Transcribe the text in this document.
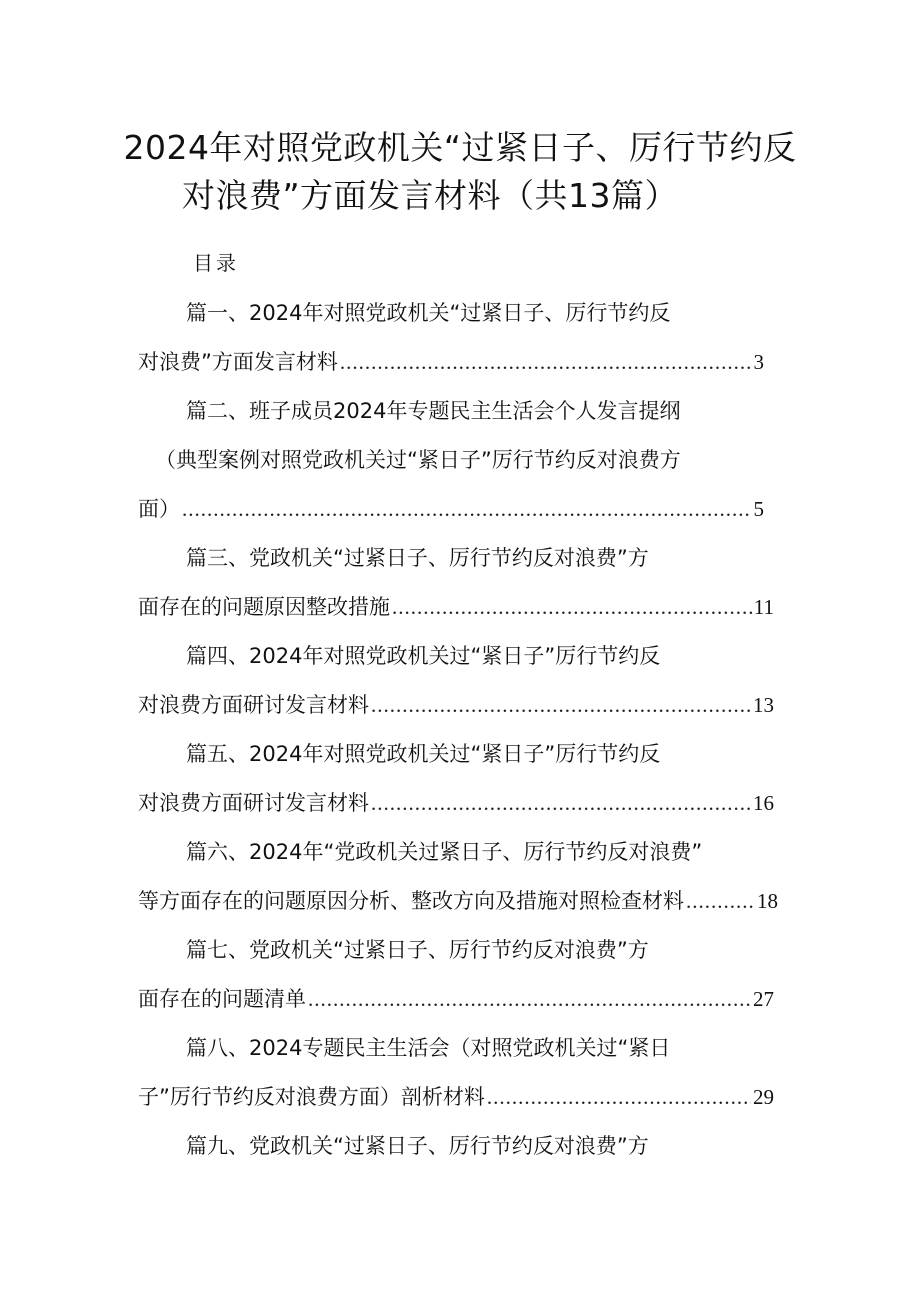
2024年对照党政机关“过紧日子、厉行节约反
对浪费”方面发言材料（共13篇）
目录
篇一、2024年对照党政机关“过紧日子、厉行节约反
对浪费”方面发言材料 .....	3
篇二、班子成员2024年专题民主生活会个人发言提纲
（典型案例对照党政机关过“紧日子”厉行节约反对浪费方
面） .....	5
篇三、党政机关“过紧日子、厉行节约反对浪费”方
面存在的问题原因整改措施 .....	11
篇四、2024年对照党政机关过“紧日子”厉行节约反
对浪费方面研讨发言材料 .....	13
篇五、2024年对照党政机关过“紧日子”厉行节约反
对浪费方面研讨发言材料 .....	16
篇六、2024年“党政机关过紧日子、厉行节约反对浪费”
等方面存在的问题原因分析、整改方向及措施对照检查材料 .....	18
篇七、党政机关“过紧日子、厉行节约反对浪费”方
面存在的问题清单 .....	27
篇八、2024专题民主生活会（对照党政机关过“紧日
子”厉行节约反对浪费方面）剖析材料 .....	29
篇九、党政机关“过紧日子、厉行节约反对浪费”方
